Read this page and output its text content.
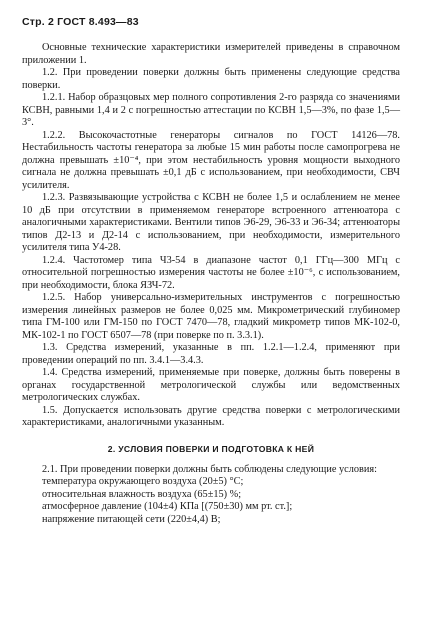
Стр. 2 ГОСТ 8.493—83

Основные технические характеристики измерителей приведены в справочном приложении 1.

1.2. При проведении поверки должны быть применены следующие средства поверки.

1.2.1. Набор образцовых мер полного сопротивления 2-го разряда со значениями КСВН, равными 1,4 и 2 с погрешностью аттестации по КСВН 1,5—3%, по фазе 1,5—3°.

1.2.2. Высокочастотные генераторы сигналов по ГОСТ 14126—78. Нестабильность частоты генератора за любые 15 мин работы после самопрогрева не должна превышать ±10⁻⁴, при этом нестабильность уровня мощности выходного сигнала не должна превышать ±0,1 дБ с использованием, при необходимости, СВЧ усилителя.

1.2.3. Развязывающие устройства с КСВН не более 1,5 и ослаблением не менее 10 дБ при отсутствии в применяемом генераторе встроенного аттенюатора с аналогичными характеристиками. Вентили типов Э6-29, Э6-33 и Э6-34; аттенюаторы типов Д2-13 и Д2-14 с использованием, при необходимости, измерительного усилителя типа У4-28.

1.2.4. Частотомер типа Ч3-54 в диапазоне частот 0,1 ГГц—300 МГц с относительной погрешностью измерения частоты не более ±10⁻⁶, с использованием, при необходимости, блока ЯЗЧ-72.

1.2.5. Набор универсально-измерительных инструментов с погрешностью измерения линейных размеров не более 0,025 мм. Микрометрический глубиномер типа ГМ-100 или ГМ-150 по ГОСТ 7470—78, гладкий микрометр типов МК-102-0, МК-102-1 по ГОСТ 6507—78 (при поверке по п. 3.3.1).

1.3. Средства измерений, указанные в пп. 1.2.1—1.2.4, применяют при проведении операций по пп. 3.4.1—3.4.3.

1.4. Средства измерений, применяемые при поверке, должны быть поверены в органах государственной метрологической службы или ведомственных метрологических службах.

1.5. Допускается использовать другие средства поверки с метрологическими характеристиками, аналогичными указанным.

2. УСЛОВИЯ ПОВЕРКИ И ПОДГОТОВКА К НЕЙ

2.1. При проведении поверки должны быть соблюдены следующие условия:

температура окружающего воздуха (20±5) °С;
относительная влажность воздуха (65±15) %;
атмосферное давление (104±4) КПа [(750±30) мм рт. ст.];
напряжение питающей сети (220±4,4) В;
